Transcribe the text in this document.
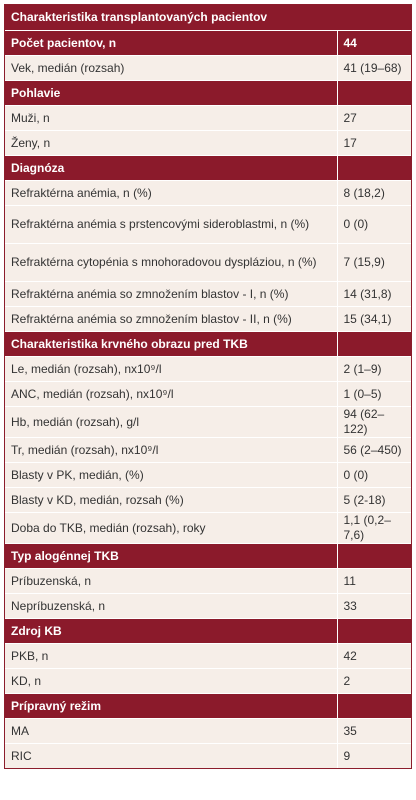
Charakteristika transplantovaných pacientov	
Počet pacientov, n	44
Vek, medián (rozsah)	41 (19–68)
Pohlavie	
Muži, n	27
Ženy, n	17
Diagnóza	
Refraktérna anémia, n (%)	8 (18,2)
Refraktérna anémia s prstencovými sideroblastmi, n (%)	0 (0)
Refraktérna cytopénia s mnohoradovou dyspláziou, n (%)	7 (15,9)
Refraktérna anémia so zmnožením blastov - I, n (%)	14 (31,8)
Refraktérna anémia so zmnožením blastov - II, n (%)	15 (34,1)
Charakteristika krvného obrazu pred TKB	
Le, medián (rozsah), nx10⁹/l	2 (1–9)
ANC, medián (rozsah), nx10⁹/l	1 (0–5)
Hb, medián (rozsah), g/l	94 (62–122)
Tr, medián (rozsah), nx10⁹/l	56 (2–450)
Blasty v PK, medián, (%)	0 (0)
Blasty v KD, medián, rozsah (%)	5 (2-18)
Doba do TKB, medián (rozsah), roky	1,1 (0,2–7,6)
Typ alogénnej TKB	
Príbuzenská, n	11
Nepríbuzenská, n	33
Zdroj KB	
PKB, n	42
KD, n	2
Prípravný režim	
MA	35
RIC	9
